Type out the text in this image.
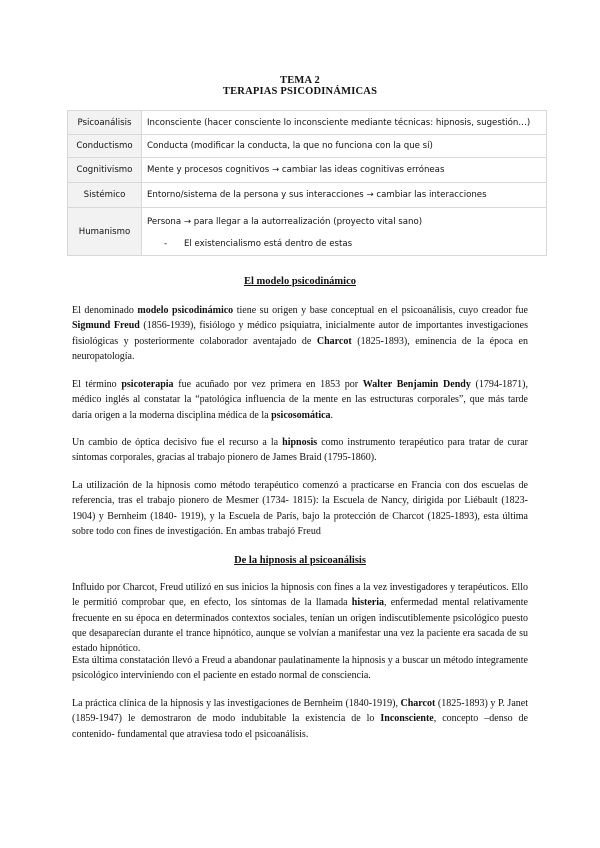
TEMA 2
TERAPIAS PSICODINÁMICAS
Psicoanálisis	Inconsciente (hacer consciente lo inconsciente mediante técnicas: hipnosis, sugestión…)
Conductismo	Conducta (modificar la conducta, la que no funciona con la que sí)
Cognitivismo	Mente y procesos cognitivos → cambiar las ideas cognitivas erróneas
Sistémico	Entorno/sistema de la persona y sus interacciones → cambiar las interacciones
Humanismo	Persona → para llegar a la autorrealización (proyecto vital sano)
- El existencialismo está dentro de estas
El modelo psicodinámico

El denominado modelo psicodinámico tiene su origen y base conceptual en el psicoanálisis, cuyo creador fue Sigmund Freud (1856-1939), fisiólogo y médico psiquiatra, inicialmente autor de importantes investigaciones fisiológicas y posteriormente colaborador aventajado de Charcot (1825-1893), eminencia de la época en neuropatología.

El término psicoterapia fue acuñado por vez primera en 1853 por Walter Benjamin Dendy (1794-1871), médico inglés al constatar la “patológica influencia de la mente en las estructuras corporales”, que más tarde daría origen a la moderna disciplina médica de la psicosomática.

Un cambio de óptica decisivo fue el recurso a la hipnosis como instrumento terapéutico para tratar de curar síntomas corporales, gracias al trabajo pionero de James Braid (1795-1860).

La utilización de la hipnosis como método terapéutico comenzó a practicarse en Francia con dos escuelas de referencia, tras el trabajo pionero de Mesmer (1734- 1815): la Escuela de Nancy, dirigida por Liébault (1823- 1904) y Bernheim (1840- 1919), y la Escuela de París, bajo la protección de Charcot (1825-1893), esta última sobre todo con fines de investigación. En ambas trabajó Freud

De la hipnosis al psicoanálisis

Influido por Charcot, Freud utilizó en sus inicios la hipnosis con fines a la vez investigadores y terapéuticos. Ello le permitió comprobar que, en efecto, los síntomas de la llamada histeria, enfermedad mental relativamente frecuente en su época en determinados contextos sociales, tenían un origen indiscutiblemente psicológico puesto que desaparecían durante el trance hipnótico, aunque se volvían a manifestar una vez la paciente era sacada de su estado hipnótico.

Esta última constatación llevó a Freud a abandonar paulatinamente la hipnosis y a buscar un método íntegramente psicológico interviniendo con el paciente en estado normal de consciencia.

La práctica clínica de la hipnosis y las investigaciones de Bernheim (1840-1919), Charcot (1825-1893) y P. Janet (1859-1947) le demostraron de modo indubitable la existencia de lo Inconsciente, concepto –denso de contenido- fundamental que atraviesa todo el psicoanálisis.
